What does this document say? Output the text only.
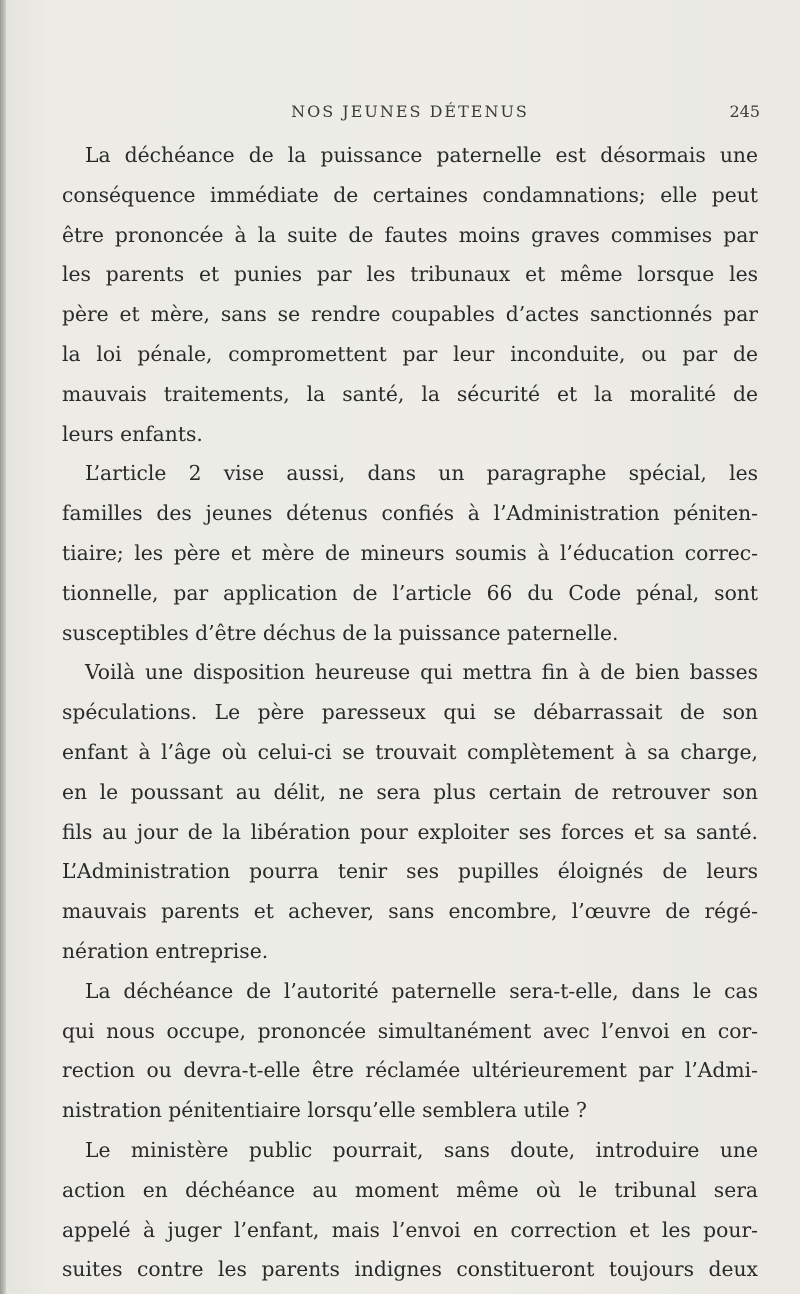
NOS JEUNES DÉTENUS	245
La déchéance de la puissance paternelle est désormais une
conséquence immédiate de certaines condamnations; elle peut
être prononcée à la suite de fautes moins graves commises par
les parents et punies par les tribunaux et même lorsque les
père et mère, sans se rendre coupables d’actes sanctionnés par
la loi pénale, compromettent par leur inconduite, ou par de
mauvais traitements, la santé, la sécurité et la moralité de
leurs enfants.
L’article 2 vise aussi, dans un paragraphe spécial, les
familles des jeunes détenus confiés à l’Administration péniten-
tiaire; les père et mère de mineurs soumis à l’éducation correc-
tionnelle, par application de l’article 66 du Code pénal, sont
susceptibles d’être déchus de la puissance paternelle.
Voilà une disposition heureuse qui mettra fin à de bien basses
spéculations. Le père paresseux qui se débarrassait de son
enfant à l’âge où celui-ci se trouvait complètement à sa charge,
en le poussant au délit, ne sera plus certain de retrouver son
fils au jour de la libération pour exploiter ses forces et sa santé.
L’Administration pourra tenir ses pupilles éloignés de leurs
mauvais parents et achever, sans encombre, l’œuvre de régé-
nération entreprise.
La déchéance de l’autorité paternelle sera-t-elle, dans le cas
qui nous occupe, prononcée simultanément avec l’envoi en cor-
rection ou devra-t-elle être réclamée ultérieurement par l’Admi-
nistration pénitentiaire lorsqu’elle semblera utile ?
Le ministère public pourrait, sans doute, introduire une
action en déchéance au moment même où le tribunal sera
appelé à juger l’enfant, mais l’envoi en correction et les pour-
suites contre les parents indignes constitueront toujours deux
